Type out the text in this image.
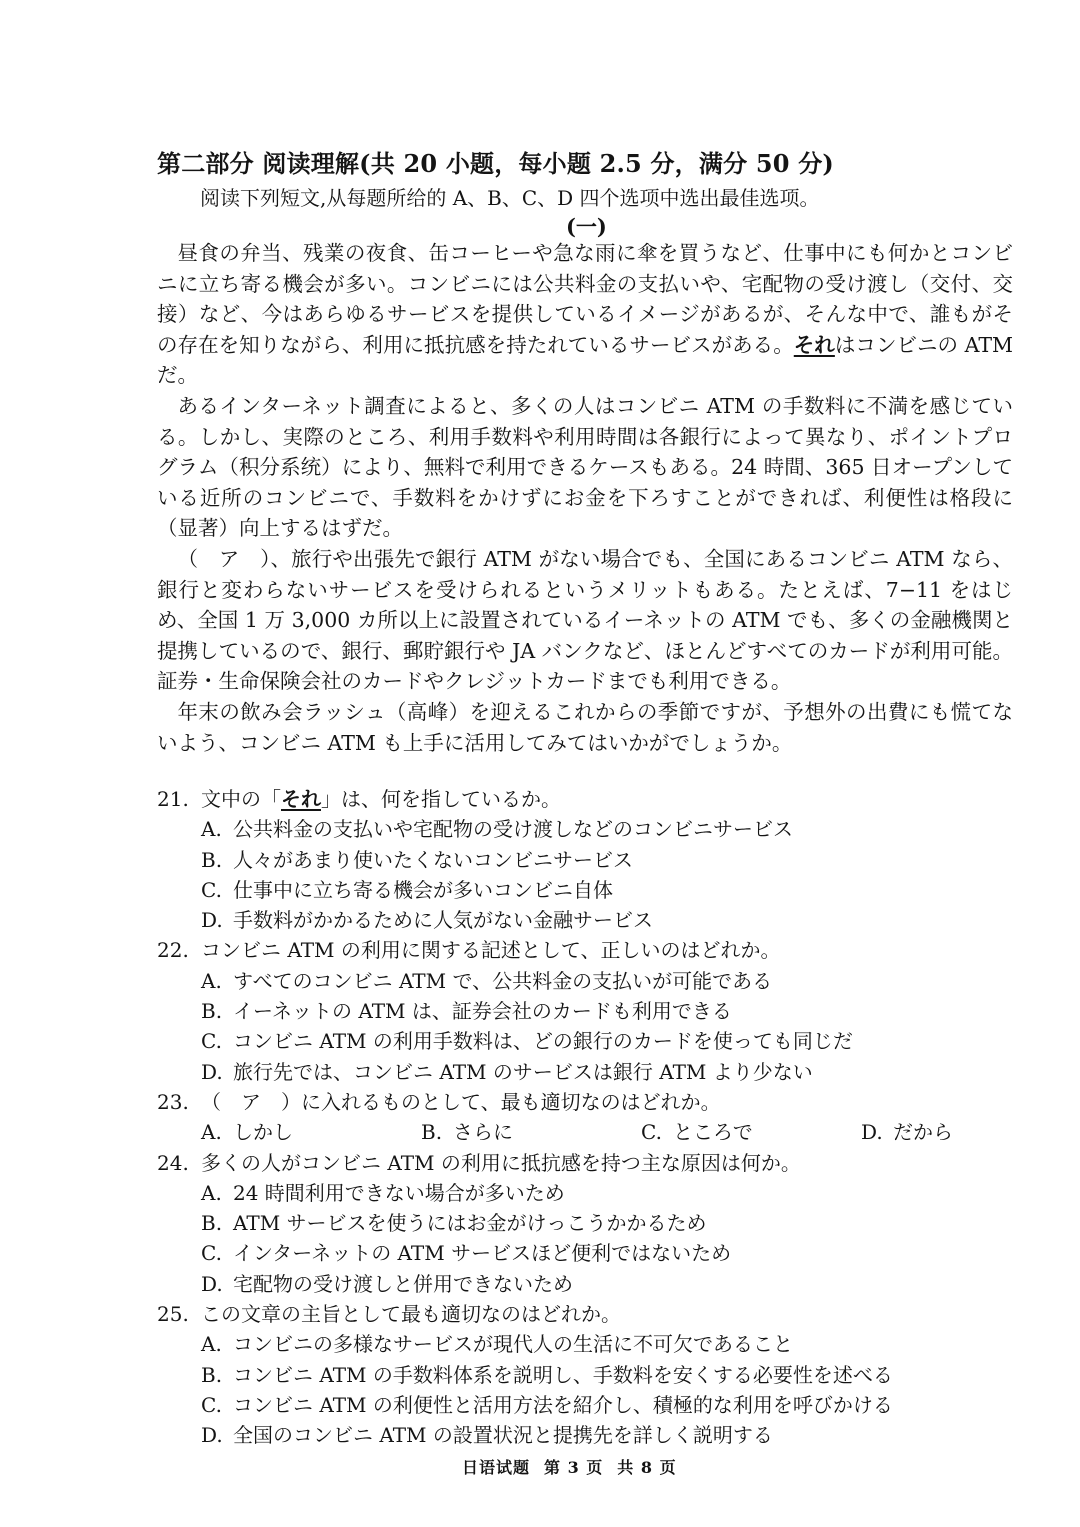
第二部分 阅读理解(共 20 小题，每小题 2.5 分，满分 50 分)
阅读下列短文,从每题所给的 A、B、C、D 四个选项中选出最佳选项。
(一)

昼食の弁当、残業の夜食、缶コーヒーや急な雨に傘を買うなど、仕事中にも何かとコンビニに立ち寄る機会が多い。コンビニには公共料金の支払いや、宅配物の受け渡し（交付、交接）など、今はあらゆるサービスを提供しているイメージがあるが、そんな中で、誰もがその存在を知りながら、利用に抵抗感を持たれているサービスがある。それはコンビニの ATM だ。

あるインターネット調査によると、多くの人はコンビニ ATM の手数料に不満を感じている。しかし、実際のところ、利用手数料や利用時間は各銀行によって異なり、ポイントプログラム（积分系统）により、無料で利用できるケースもある。24 時間、365 日オープンしている近所のコンビニで、手数料をかけずにお金を下ろすことができれば、利便性は格段に（显著）向上するはずだ。

（　ア　）、旅行や出張先で銀行 ATM がない場合でも、全国にあるコンビニ ATM なら、銀行と変わらないサービスを受けられるというメリットもある。たとえば、7−11 をはじめ、全国 1 万 3,000 カ所以上に設置されているイーネットの ATM でも、多くの金融機関と提携しているので、銀行、郵貯銀行や JA バンクなど、ほとんどすべてのカードが利用可能。証券・生命保険会社のカードやクレジットカードまでも利用できる。

年末の飲み会ラッシュ（高峰）を迎えるこれからの季節ですが、予想外の出費にも慌てないよう、コンビニ ATM も上手に活用してみてはいかがでしょうか。

21. 文中の「それ」は、何を指しているか。
A. 公共料金の支払いや宅配物の受け渡しなどのコンビニサービス
B. 人々があまり使いたくないコンビニサービス
C. 仕事中に立ち寄る機会が多いコンビニ自体
D. 手数料がかかるために人気がない金融サービス
22. コンビニ ATM の利用に関する記述として、正しいのはどれか。
A. すべてのコンビニ ATM で、公共料金の支払いが可能である
B. イーネットの ATM は、証券会社のカードも利用できる
C. コンビニ ATM の利用手数料は、どの銀行のカードを使っても同じだ
D. 旅行先では、コンビニ ATM のサービスは銀行 ATM より少ない
23. （　ア　）に入れるものとして、最も適切なのはどれか。
A. しかし	B. さらに	C. ところで	D. だから
24. 多くの人がコンビニ ATM の利用に抵抗感を持つ主な原因は何か。
A. 24 時間利用できない場合が多いため
B. ATM サービスを使うにはお金がけっこうかかるため
C. インターネットの ATM サービスほど便利ではないため
D. 宅配物の受け渡しと併用できないため
25. この文章の主旨として最も適切なのはどれか。
A. コンビニの多様なサービスが現代人の生活に不可欠であること
B. コンビニ ATM の手数料体系を説明し、手数料を安くする必要性を述べる
C. コンビニ ATM の利便性と活用方法を紹介し、積極的な利用を呼びかける
D. 全国のコンビニ ATM の設置状況と提携先を詳しく説明する
日语试题 第 3 页 共 8 页
